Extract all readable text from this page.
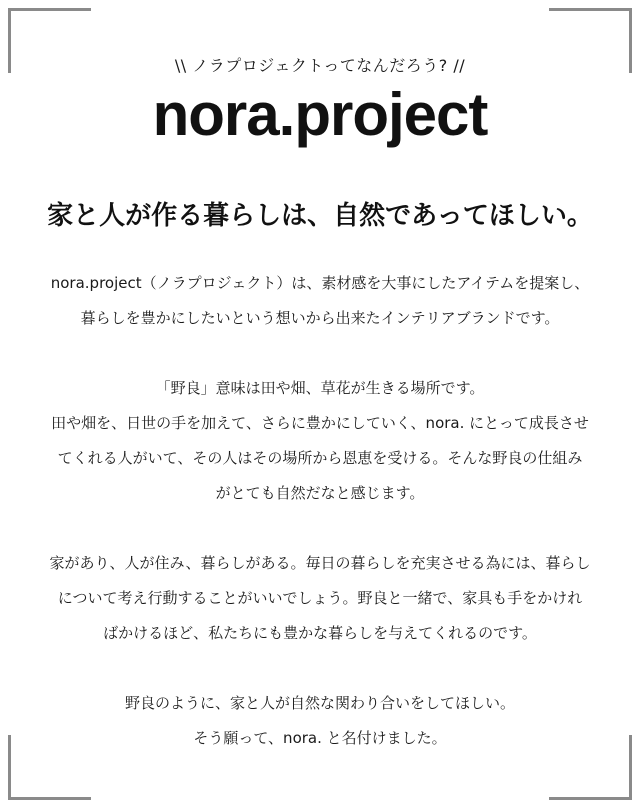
\\ ノラプロジェクトってなんだろう? //
nora.project
家と人が作る暮らしは、自然であってほしい。
nora.project（ノラプロジェクト）は、素材感を大事にしたアイテムを提案し、
暮らしを豊かにしたいという想いから出来たインテリアブランドです。
「野良」意味は田や畑、草花が生きる場所です。
田や畑を、日世の手を加えて、さらに豊かにしていく、nora. にとって成長させ
てくれる人がいて、その人はその場所から恩恵を受ける。そんな野良の仕組み
がとても自然だなと感じます。
家があり、人が住み、暮らしがある。毎日の暮らしを充実させる為には、暮らし
について考え行動することがいいでしょう。野良と一緒で、家具も手をかけれ
ばかけるほど、私たちにも豊かな暮らしを与えてくれるのです。
野良のように、家と人が自然な関わり合いをしてほしい。
そう願って、nora. と名付けました。
